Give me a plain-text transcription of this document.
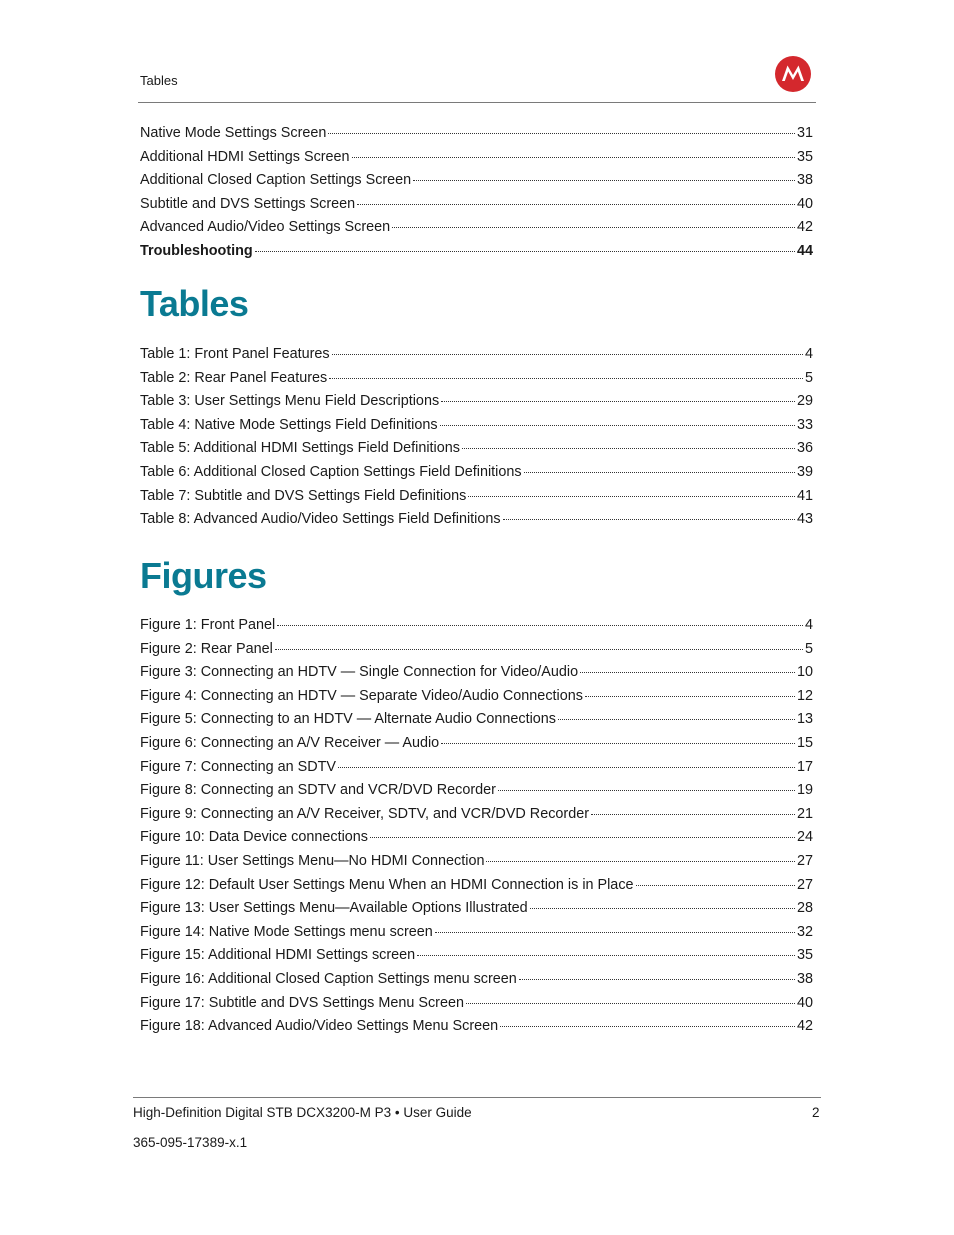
Tables
Native Mode Settings Screen	31
Additional HDMI Settings Screen	35
Additional Closed Caption Settings Screen	38
Subtitle and DVS Settings Screen	40
Advanced Audio/Video Settings Screen	42
Troubleshooting	44
Tables
Table 1: Front Panel Features	4
Table 2: Rear Panel Features	5
Table 3: User Settings Menu Field Descriptions	29
Table 4: Native Mode Settings Field Definitions	33
Table 5: Additional HDMI Settings Field Definitions	36
Table 6: Additional Closed Caption Settings Field Definitions	39
Table 7: Subtitle and DVS Settings Field Definitions	41
Table 8: Advanced Audio/Video Settings Field Definitions	43
Figures
Figure 1: Front Panel	4
Figure 2: Rear Panel	5
Figure 3: Connecting an HDTV — Single Connection for Video/Audio	10
Figure 4: Connecting an HDTV — Separate Video/Audio Connections	12
Figure 5: Connecting to an HDTV — Alternate Audio Connections	13
Figure 6: Connecting an A/V Receiver — Audio	15
Figure 7: Connecting an SDTV	17
Figure 8: Connecting an SDTV and VCR/DVD Recorder	19
Figure 9: Connecting an A/V Receiver, SDTV, and VCR/DVD Recorder	21
Figure 10: Data Device connections	24
Figure 11: User Settings Menu—No HDMI Connection	27
Figure 12: Default User Settings Menu When an HDMI Connection is in Place	27
Figure 13: User Settings Menu—Available Options Illustrated	28
Figure 14: Native Mode Settings menu screen	32
Figure 15: Additional HDMI Settings screen	35
Figure 16: Additional Closed Caption Settings menu screen	38
Figure 17: Subtitle and DVS Settings Menu Screen	40
Figure 18: Advanced Audio/Video Settings Menu Screen	42
High-Definition Digital STB DCX3200-M P3 • User Guide	2
365-095-17389-x.1
